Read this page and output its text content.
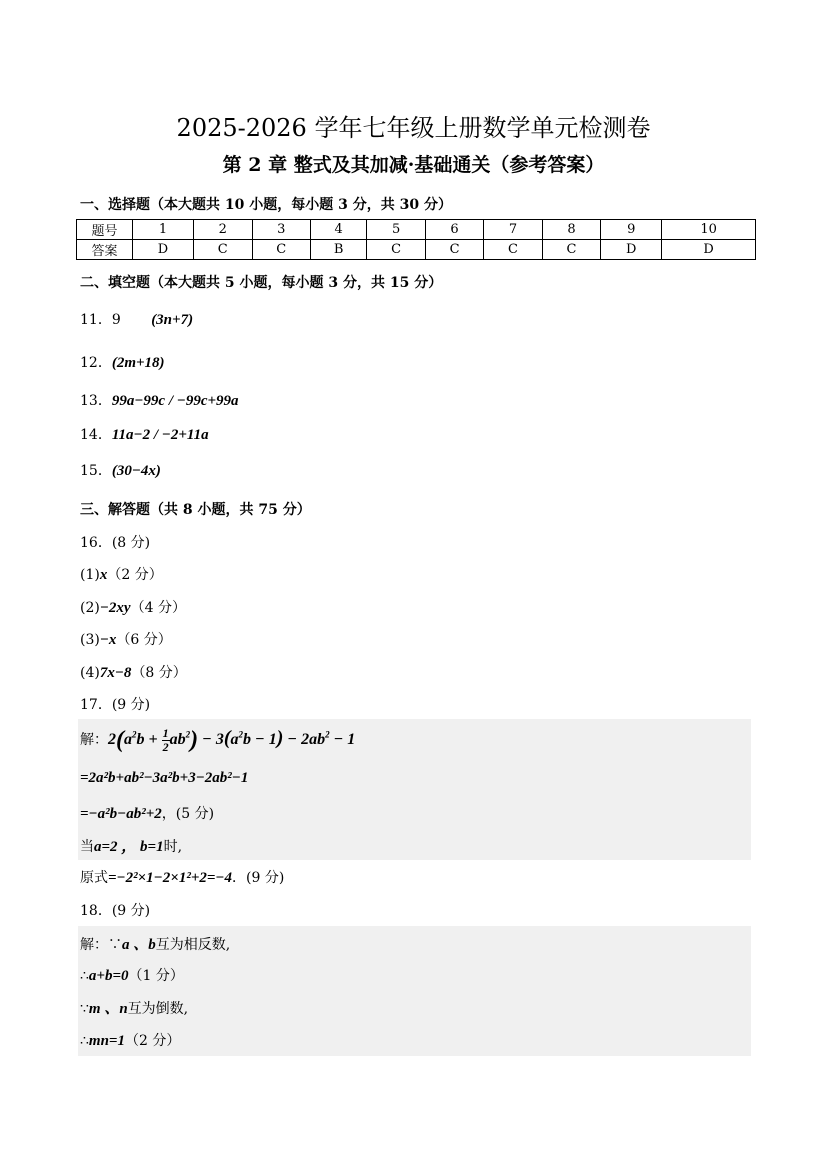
2025-2026 学年七年级上册数学单元检测卷
第 2 章 整式及其加减·基础通关（参考答案）
一、选择题（本大题共 10 小题，每小题 3 分，共 30 分）
题号	1	2	3	4	5	6	7	8	9	10
答案	D	C	C	B	C	C	C	C	D	D
二、填空题（本大题共 5 小题，每小题 3 分，共 15 分）
11．9 (3n+7)
12．(2m+18)
13．99a−99c / −99c+99a
14．11a−2 / −2+11a
15．(30−4x)
三、解答题（共 8 小题，共 75 分）
16．(8 分)
(1)x（2 分）
(2)−2xy（4 分）
(3)−x（6 分）
(4)7x−8（8 分）
17．(9 分)
解：$2(a^2b + \frac{1}{2} ab^2) - 3(a^2b - 1) - 2ab^2 - 1$
=2a²b+ab²−3a²b+3−2ab²−1
=−a²b−ab²+2，(5 分)
当a=2 ， b=1时,
原式=−2²×1−2×1²+2=−4．(9 分)
18．(9 分)
解：∵a 、b互为相反数,
∴a+b=0（1 分）
∵m 、n互为倒数,
∴mn=1（2 分）
